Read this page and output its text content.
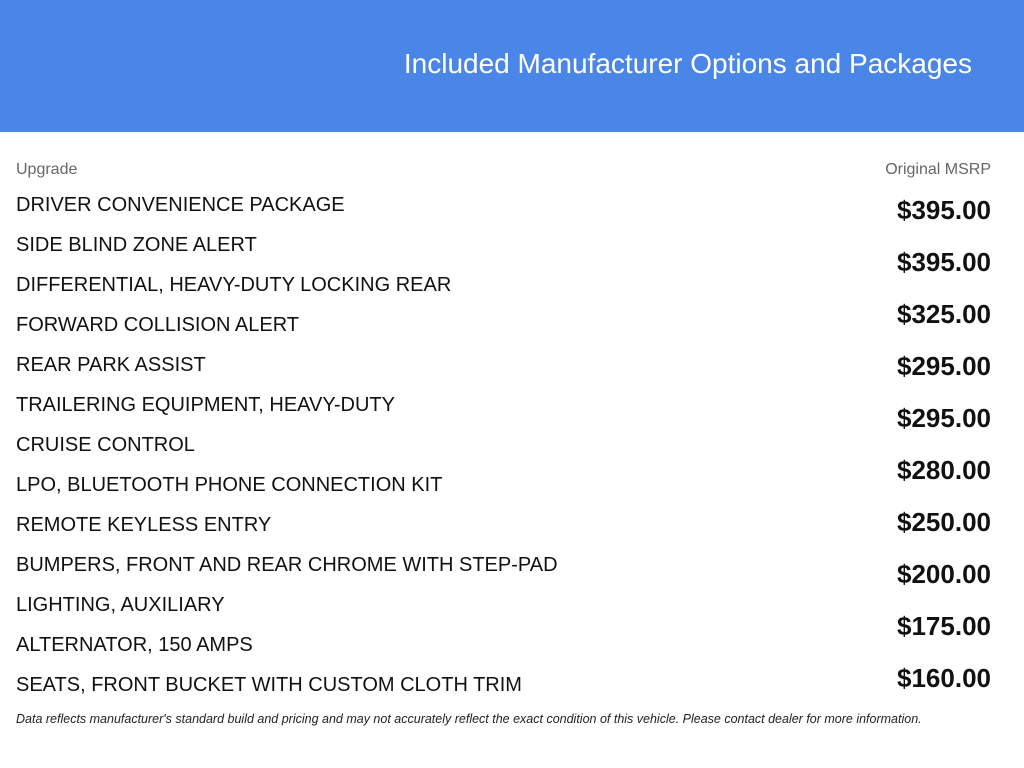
Included Manufacturer Options and Packages
Upgrade	Original MSRP
DRIVER CONVENIENCE PACKAGE
SIDE BLIND ZONE ALERT
DIFFERENTIAL, HEAVY-DUTY LOCKING REAR
FORWARD COLLISION ALERT
REAR PARK ASSIST
TRAILERING EQUIPMENT, HEAVY-DUTY
CRUISE CONTROL
LPO, BLUETOOTH PHONE CONNECTION KIT
REMOTE KEYLESS ENTRY
BUMPERS, FRONT AND REAR CHROME WITH STEP-PAD
LIGHTING, AUXILIARY
ALTERNATOR, 150 AMPS
SEATS, FRONT BUCKET WITH CUSTOM CLOTH TRIM
$395.00
$395.00
$325.00
$295.00
$295.00
$280.00
$250.00
$200.00
$175.00
$160.00
Data reflects manufacturer's standard build and pricing and may not accurately reflect the exact condition of this vehicle. Please contact dealer for more information.
